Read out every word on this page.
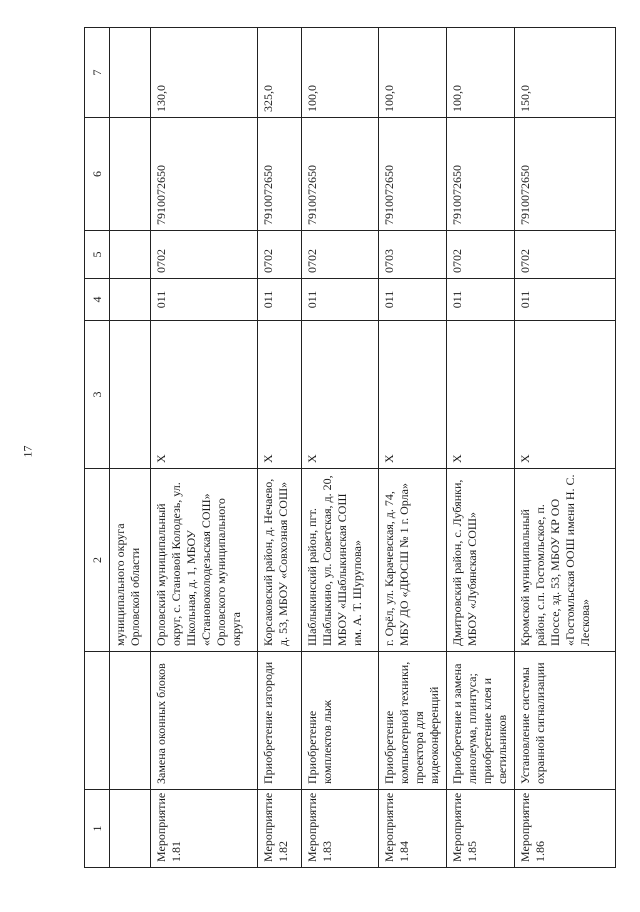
17
1		2	3	4	5	6	7
		муниципального округа Орловской области					
Мероприятие 1.81	Замена оконных блоков	Орловский муниципальный округ, с. Становой Колодезь, ул. Школьная, д. 1, МБОУ «Становоколодезьская СОШ» Орловского муниципального округа	X	011	0702	7910072650	130,0
Мероприятие 1.82	Приобретение изгороди	Корсаковский район, д. Нечаево, д. 53, МБОУ «Совхозная СОШ»	X	011	0702	7910072650	325,0
Мероприятие 1.83	Приобретение комплектов лыж	Шаблыкинский район, пгт. Шаблыкино, ул. Советская, д. 20, МБОУ «Шаблыкинская СОШ им. А. Т. Шурупова»	X	011	0702	7910072650	100,0
Мероприятие 1.84	Приобретение компьютерной техники, проектора для видеоконференций	г. Орёл, ул. Карачевская, д. 74, МБУ ДО «ДЮСШ № 1 г. Орла»	X	011	0703	7910072650	100,0
Мероприятие 1.85	Приобретение и замена линолеума, плинтуса; приобретение клея и светильников	Дмитровский район, с. Лубянки, МБОУ «Лубянская СОШ»	X	011	0702	7910072650	100,0
Мероприятие 1.86	Установление системы охранной сигнализации	Кромской муниципальный район, с.п. Гостомльское, п. Шоссе, зд. 53, МБОУ КР ОО «Гостомльская ООШ имени Н. С. Лескова»	X	011	0702	7910072650	150,0
